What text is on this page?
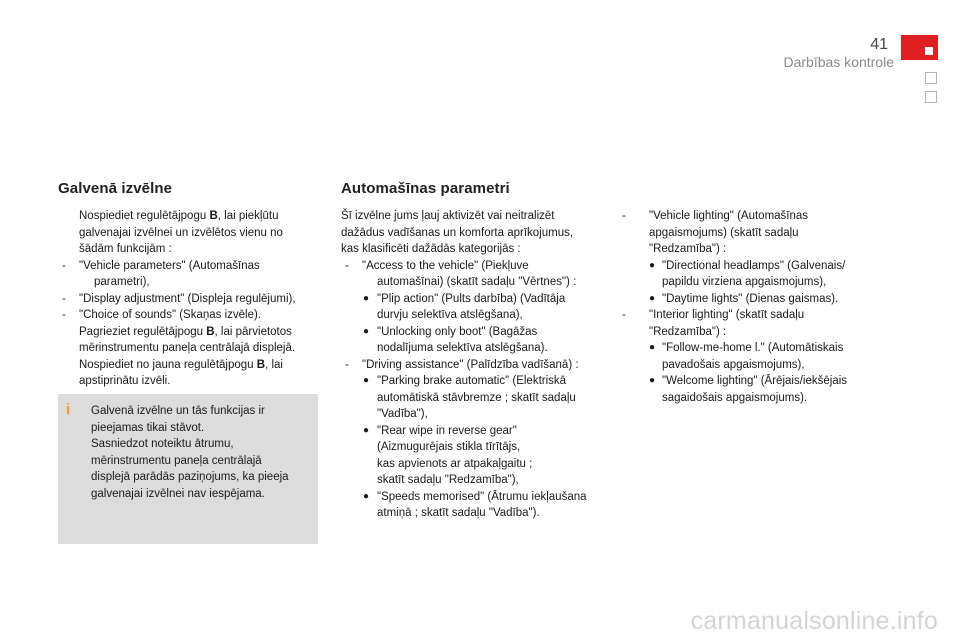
41
Darbības kontrole
Galvenā izvēlne
Nospiediet regulētājpogu B, lai piekļūtu
galvenajai izvēlnei un izvēlētos vienu no
šādām funkcijām :
- "Vehicle parameters" (Automašīnas
parametri),
- "Display adjustment" (Displeja regulējumi),
- "Choice of sounds" (Skaņas izvēle).
Pagrieziet regulētājpogu B, lai pārvietotos
mērinstrumentu paneļa centrālajā displejā.
Nospiediet no jauna regulētājpogu B, lai
apstiprinātu izvēli.
i Galvenā izvēlne un tās funkcijas ir
pieejamas tikai stāvot.
Sasniedzot noteiktu ātrumu,
mērinstrumentu paneļa centrālajā
displejā parādās paziņojums, ka pieeja
galvenajai izvēlnei nav iespējama.
Automašīnas parametri
Šī izvēlne jums ļauj aktivizēt vai neitralizēt
dažādus vadīšanas un komforta aprīkojumus,
kas klasificēti dažādās kategorijās :
- "Access to the vehicle" (Piekļuve
automašīnai) (skatīt sadaļu "Vērtnes") :
● "Plip action" (Pults darbība) (Vadītāja
durvju selektīva atslēgšana),
● "Unlocking only boot" (Bagāžas
nodalījuma selektīva atslēgšana).
- "Driving assistance" (Palīdzība vadīšanā) :
● "Parking brake automatic" (Elektriskā
automātiskā stāvbremze ; skatīt sadaļu
"Vadība"),
● "Rear wipe in reverse gear"
(Aizmugurējais stikla tīrītājs,
kas apvienots ar atpakaļgaitu ;
skatīt sadaļu "Redzamība"),
● "Speeds memorised" (Ātrumu iekļaušana
atmiņā ; skatīt sadaļu "Vadība").
- "Vehicle lighting" (Automašīnas
apgaismojums) (skatīt sadaļu
"Redzamība") :
● "Directional headlamps" (Galvenais/
papildu virziena apgaismojums),
● "Daytime lights" (Dienas gaismas).
- "Interior lighting" (skatīt sadaļu
"Redzamība") :
● "Follow-me-home l." (Automātiskais
pavadošais apgaismojums),
● "Welcome lighting" (Ārējais/iekšējais
sagaidošais apgaismojums).
carmanualsonline.info
